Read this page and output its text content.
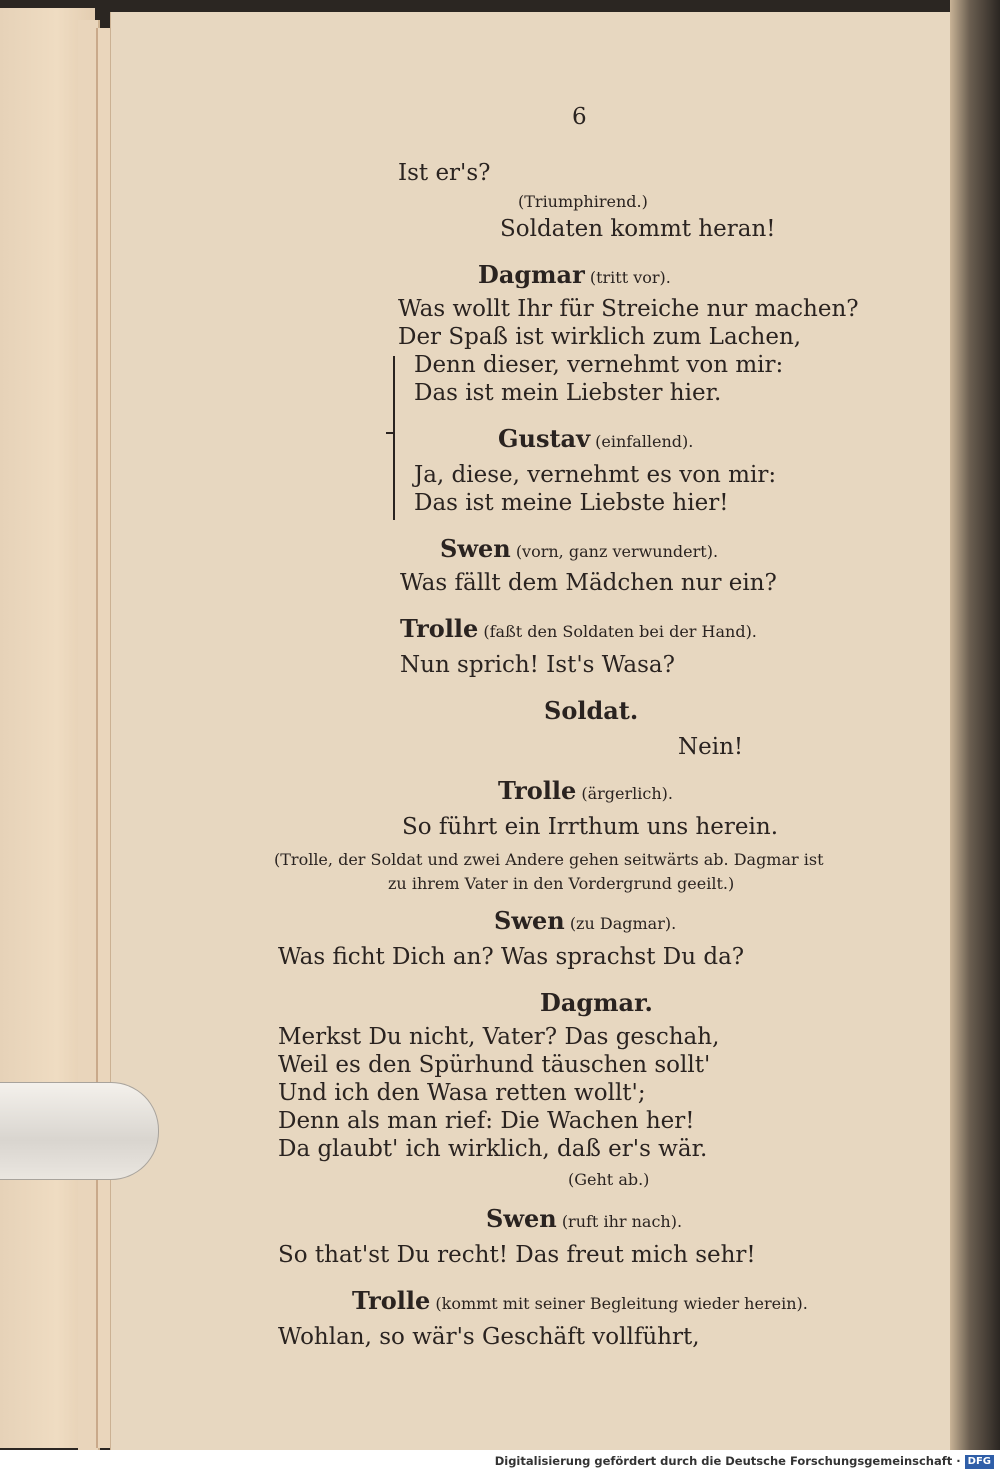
6
Ist er's?
(Triumphirend.)
Soldaten kommt heran!
Dagmar (tritt vor).
Was wollt Ihr für Streiche nur machen?
Der Spaß ist wirklich zum Lachen,
Denn dieser, vernehmt von mir:
Das ist mein Liebster hier.
Gustav (einfallend).
Ja, diese, vernehmt es von mir:
Das ist meine Liebste hier!
Swen (vorn, ganz verwundert).
Was fällt dem Mädchen nur ein?
Trolle (faßt den Soldaten bei der Hand).
Nun sprich! Ist's Wasa?
Soldat.
Nein!
Trolle (ärgerlich).
So führt ein Irrthum uns herein.
(Trolle, der Soldat und zwei Andere gehen seitwärts ab. Dagmar ist
zu ihrem Vater in den Vordergrund geeilt.)
Swen (zu Dagmar).
Was ficht Dich an? Was sprachst Du da?
Dagmar.
Merkst Du nicht, Vater? Das geschah,
Weil es den Spürhund täuschen sollt'
Und ich den Wasa retten wollt';
Denn als man rief: Die Wachen her!
Da glaubt' ich wirklich, daß er's wär.
(Geht ab.)
Swen (ruft ihr nach).
So that'st Du recht! Das freut mich sehr!
Trolle (kommt mit seiner Begleitung wieder herein).
Wohlan, so wär's Geschäft vollführt,
Digitalisierung gefördert durch die Deutsche Forschungsgemeinschaft · DFG
